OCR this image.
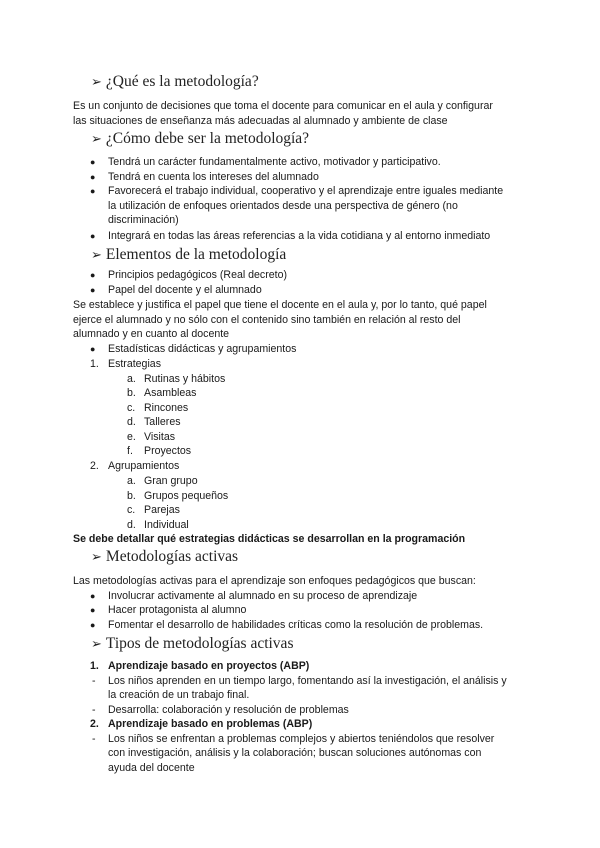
➢ ¿Qué es la metodología?
Es un conjunto de decisiones que toma el docente para comunicar en el aula y configurar
las situaciones de enseñanza más adecuadas al alumnado y ambiente de clase
➢ ¿Cómo debe ser la metodología?
● Tendrá un carácter fundamentalmente activo, motivador y participativo.
● Tendrá en cuenta los intereses del alumnado
● Favorecerá el trabajo individual, cooperativo y el aprendizaje entre iguales mediante
la utilización de enfoques orientados desde una perspectiva de género (no
discriminación)
● Integrará en todas las áreas referencias a la vida cotidiana y al entorno inmediato
➢ Elementos de la metodología
● Principios pedagógicos (Real decreto)
● Papel del docente y el alumnado
Se establece y justifica el papel que tiene el docente en el aula y, por lo tanto, qué papel
ejerce el alumnado y no sólo con el contenido sino también en relación al resto del
alumnado y en cuanto al docente
● Estadísticas didácticas y agrupamientos
1. Estrategias
a. Rutinas y hábitos
b. Asambleas
c. Rincones
d. Talleres
e. Visitas
f. Proyectos
2. Agrupamientos
a. Gran grupo
b. Grupos pequeños
c. Parejas
d. Individual
Se debe detallar qué estrategias didácticas se desarrollan en la programación
➢ Metodologías activas
Las metodologías activas para el aprendizaje son enfoques pedagógicos que buscan:
● Involucrar activamente al alumnado en su proceso de aprendizaje
● Hacer protagonista al alumno
● Fomentar el desarrollo de habilidades críticas como la resolución de problemas.
➢ Tipos de metodologías activas
1. Aprendizaje basado en proyectos (ABP)
- Los niños aprenden en un tiempo largo, fomentando así la investigación, el análisis y
la creación de un trabajo final.
- Desarrolla: colaboración y resolución de problemas
2. Aprendizaje basado en problemas (ABP)
- Los niños se enfrentan a problemas complejos y abiertos teniéndolos que resolver
con investigación, análisis y la colaboración; buscan soluciones autónomas con
ayuda del docente
